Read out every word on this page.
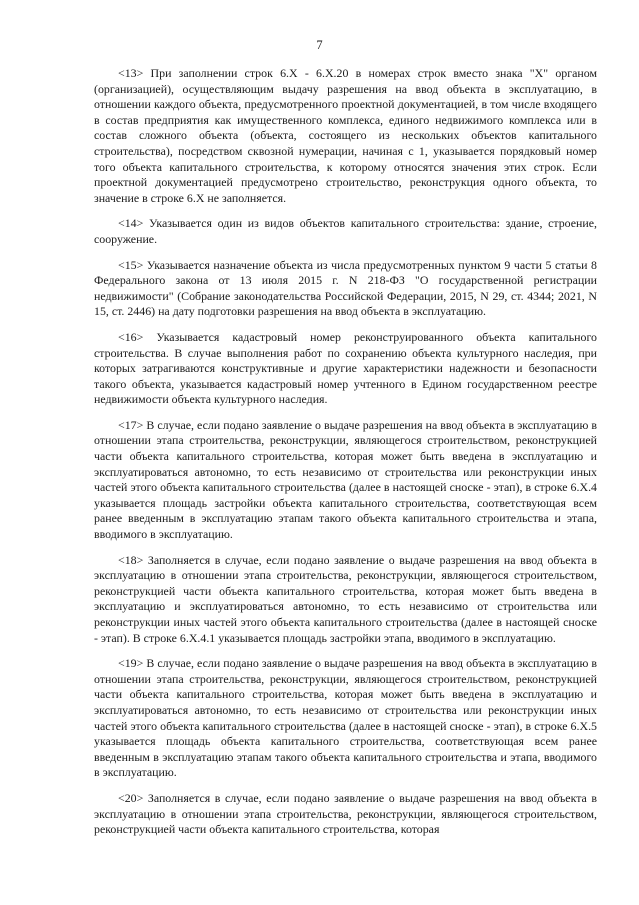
7

<13> При заполнении строк 6.X - 6.X.20 в номерах строк вместо знака "X" органом (организацией), осуществляющим выдачу разрешения на ввод объекта в эксплуатацию, в отношении каждого объекта, предусмотренного проектной документацией, в том числе входящего в состав предприятия как имущественного комплекса, единого недвижимого комплекса или в состав сложного объекта (объекта, состоящего из нескольких объектов капитального строительства), посредством сквозной нумерации, начиная с 1, указывается порядковый номер того объекта капитального строительства, к которому относятся значения этих строк. Если проектной документацией предусмотрено строительство, реконструкция одного объекта, то значение в строке 6.X не заполняется.

<14> Указывается один из видов объектов капитального строительства: здание, строение, сооружение.

<15> Указывается назначение объекта из числа предусмотренных пунктом 9 части 5 статьи 8 Федерального закона от 13 июля 2015 г. N 218-ФЗ "О государственной регистрации недвижимости" (Собрание законодательства Российской Федерации, 2015, N 29, ст. 4344; 2021, N 15, ст. 2446) на дату подготовки разрешения на ввод объекта в эксплуатацию.

<16> Указывается кадастровый номер реконструированного объекта капитального строительства. В случае выполнения работ по сохранению объекта культурного наследия, при которых затрагиваются конструктивные и другие характеристики надежности и безопасности такого объекта, указывается кадастровый номер учтенного в Едином государственном реестре недвижимости объекта культурного наследия.

<17> В случае, если подано заявление о выдаче разрешения на ввод объекта в эксплуатацию в отношении этапа строительства, реконструкции, являющегося строительством, реконструкцией части объекта капитального строительства, которая может быть введена в эксплуатацию и эксплуатироваться автономно, то есть независимо от строительства или реконструкции иных частей этого объекта капитального строительства (далее в настоящей сноске - этап), в строке 6.X.4 указывается площадь застройки объекта капитального строительства, соответствующая всем ранее введенным в эксплуатацию этапам такого объекта капитального строительства и этапа, вводимого в эксплуатацию.

<18> Заполняется в случае, если подано заявление о выдаче разрешения на ввод объекта в эксплуатацию в отношении этапа строительства, реконструкции, являющегося строительством, реконструкцией части объекта капитального строительства, которая может быть введена в эксплуатацию и эксплуатироваться автономно, то есть независимо от строительства или реконструкции иных частей этого объекта капитального строительства (далее в настоящей сноске - этап). В строке 6.X.4.1 указывается площадь застройки этапа, вводимого в эксплуатацию.

<19> В случае, если подано заявление о выдаче разрешения на ввод объекта в эксплуатацию в отношении этапа строительства, реконструкции, являющегося строительством, реконструкцией части объекта капитального строительства, которая может быть введена в эксплуатацию и эксплуатироваться автономно, то есть независимо от строительства или реконструкции иных частей этого объекта капитального строительства (далее в настоящей сноске - этап), в строке 6.X.5 указывается площадь объекта капитального строительства, соответствующая всем ранее введенным в эксплуатацию этапам такого объекта капитального строительства и этапа, вводимого в эксплуатацию.

<20> Заполняется в случае, если подано заявление о выдаче разрешения на ввод объекта в эксплуатацию в отношении этапа строительства, реконструкции, являющегося строительством, реконструкцией части объекта капитального строительства, которая
